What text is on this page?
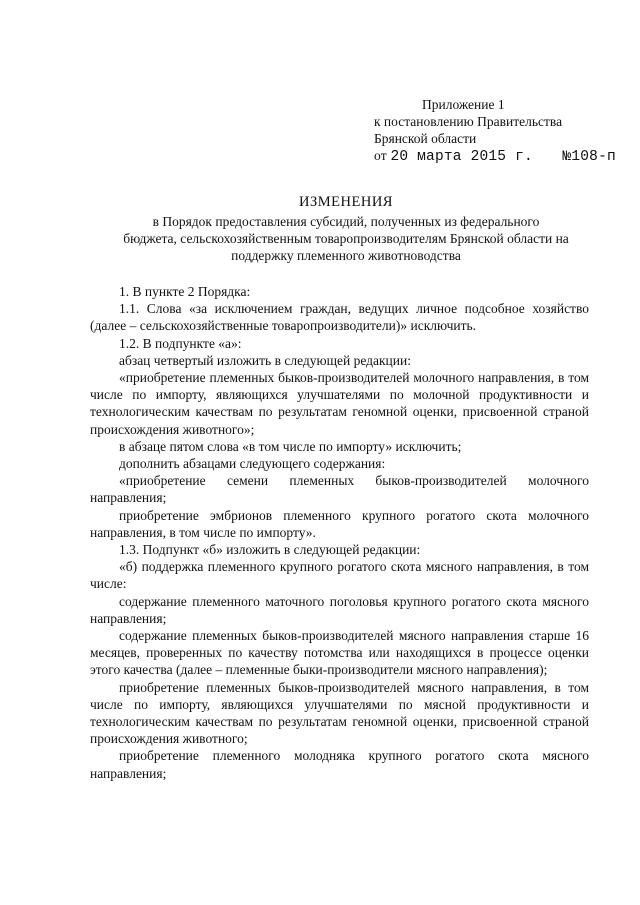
Приложение 1
к постановлению Правительства
Брянской области
от 20 марта 2015 г. №108-п
ИЗМЕНЕНИЯ
в Порядок предоставления субсидий, полученных из федерального
бюджета, сельскохозяйственным товаропроизводителям Брянской области на
поддержку племенного животноводства

1. В пункте 2 Порядка:

1.1. Слова «за исключением граждан, ведущих личное подсобное хозяйство (далее – сельскохозяйственные товаропроизводители)» исключить.

1.2. В подпункте «а»:

абзац четвертый изложить в следующей редакции:

«приобретение племенных быков-производителей молочного направления, в том числе по импорту, являющихся улучшателями по молочной продуктивности и технологическим качествам по результатам геномной оценки, присвоенной страной происхождения животного»;

в абзаце пятом слова «в том числе по импорту» исключить;

дополнить абзацами следующего содержания:

«приобретение семени племенных быков-производителей молочного направления;

приобретение эмбрионов племенного крупного рогатого скота молочного направления, в том числе по импорту».

1.3. Подпункт «б» изложить в следующей редакции:

«б) поддержка племенного крупного рогатого скота мясного направления, в том числе:

содержание племенного маточного поголовья крупного рогатого скота мясного направления;

содержание племенных быков-производителей мясного направления старше 16 месяцев, проверенных по качеству потомства или находящихся в процессе оценки этого качества (далее – племенные быки-производители мясного направления);

приобретение племенных быков-производителей мясного направления, в том числе по импорту, являющихся улучшателями по мясной продуктивности и технологическим качествам по результатам геномной оценки, присвоенной страной происхождения животного;

приобретение племенного молодняка крупного рогатого скота мясного направления;
